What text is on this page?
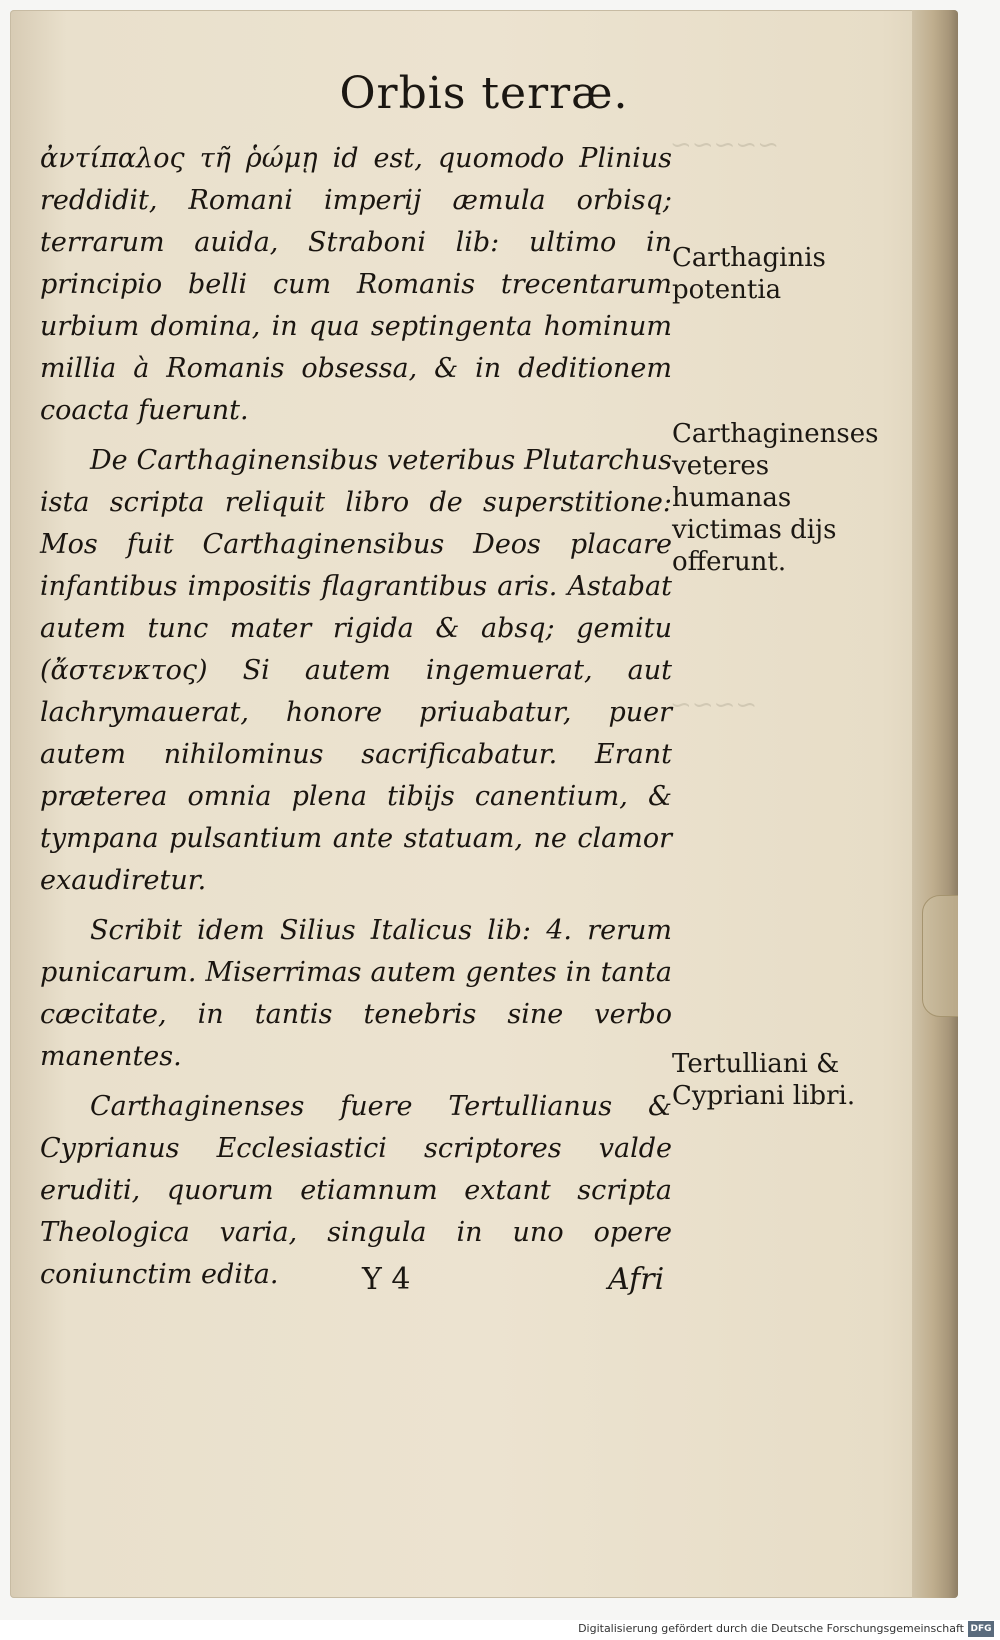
~~~~~
~~~~
Orbis terræ.

ἀντίπαλος τῆ ῥώμῃ id est, quomodo Plinius reddidit, Romani imperij æmula orbisq; terrarum auida, Straboni lib: ultimo in principio belli cum Romanis trecentarum urbium domina, in qua septingenta hominum millia à Romanis obsessa, & in deditionem coacta fuerunt.

De Carthaginensibus veteribus Plutarchus ista scripta reliquit libro de superstitione: Mos fuit Carthaginensibus Deos placare infantibus impositis flagrantibus aris. Astabat autem tunc mater rigida & absq; gemitu (ἄστενκτος) Si autem ingemuerat, aut lachrymauerat, honore priuabatur, puer autem nihilominus sacrificabatur. Erant præterea omnia plena tibijs canentium, & tympana pulsantium ante statuam, ne clamor exaudiretur.

Scribit idem Silius Italicus lib: 4. rerum punicarum. Miserrimas autem gentes in tanta cæcitate, in tantis tenebris sine verbo manentes.

Carthaginenses fuere Tertullianus & Cyprianus Ecclesiastici scriptores valde eruditi, quorum etiamnum extant scripta Theologica varia, singula in uno opere coniunctim edita.

Carthaginis potentia
Carthaginenses veteres humanas victimas dijs offerunt.
Tertulliani & Cypriani libri.
Y 4	Afri
Digitalisierung gefördert durch die Deutsche Forschungsgemeinschaft DFG
